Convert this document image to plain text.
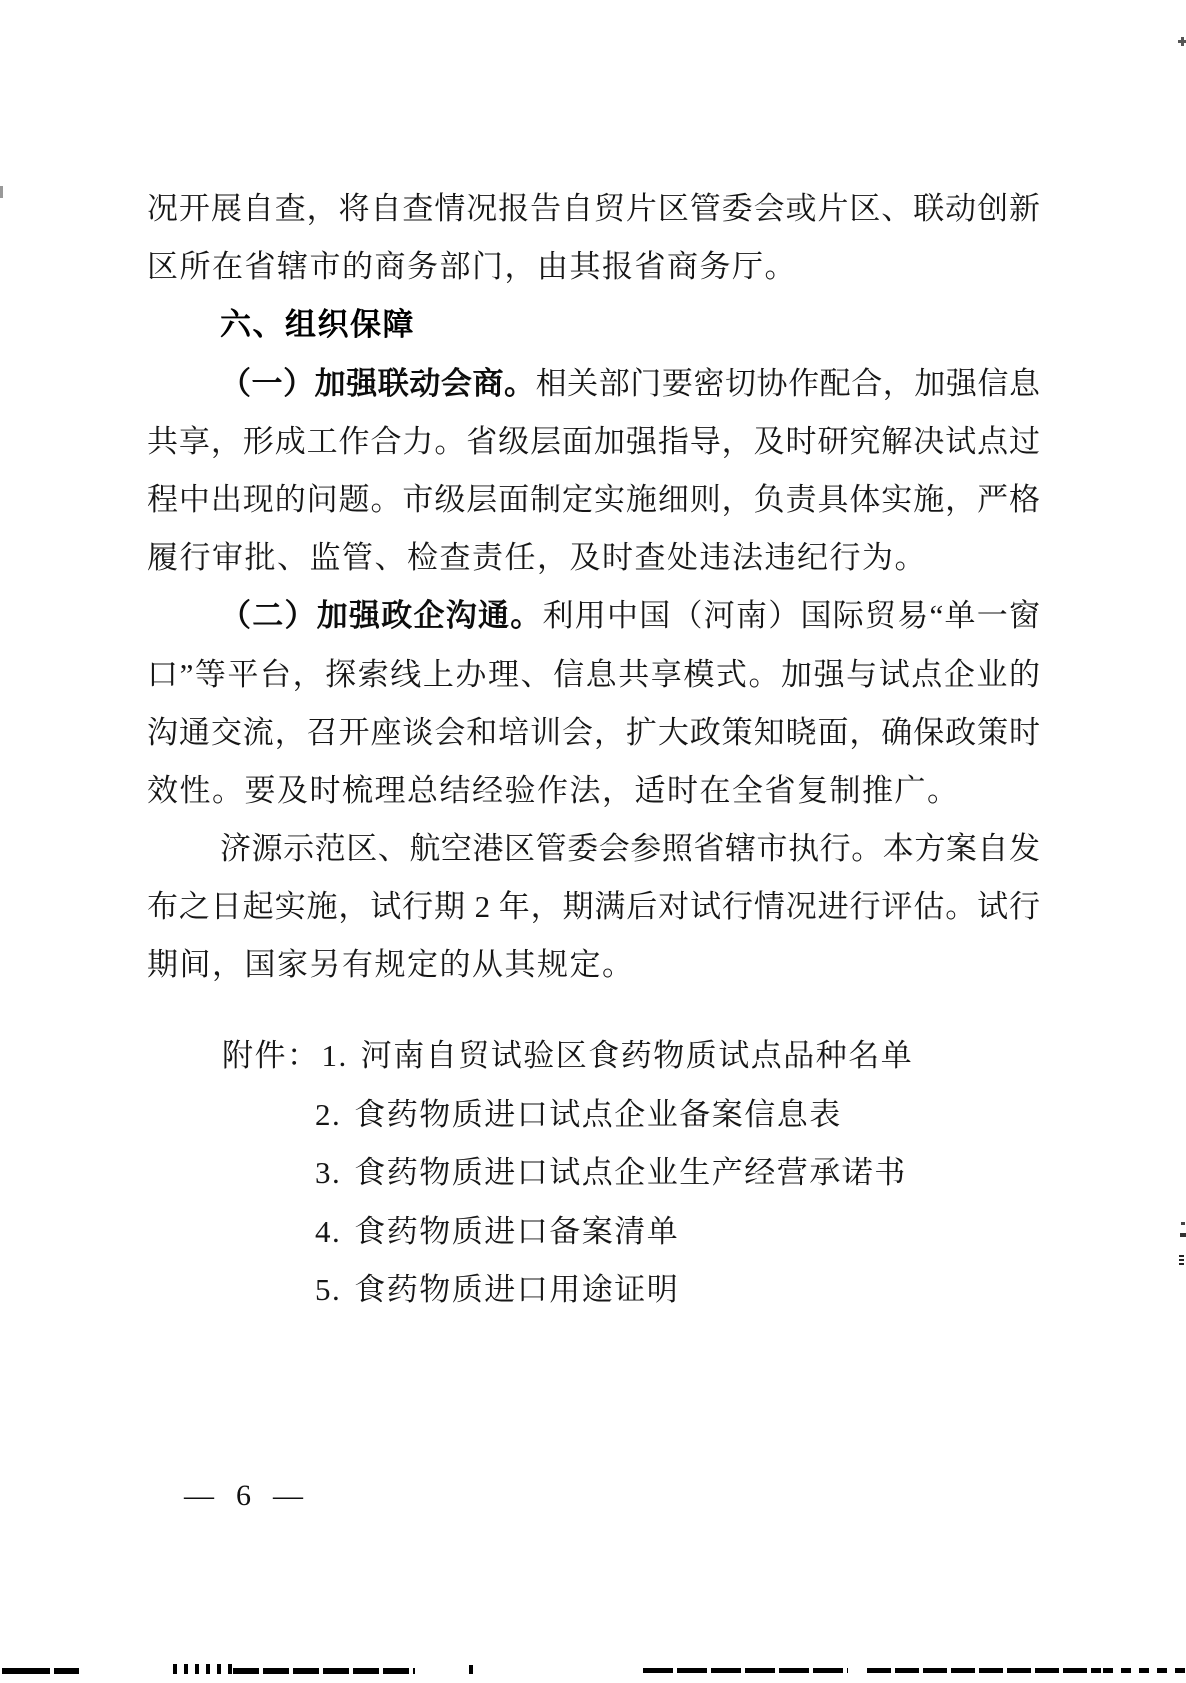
况开展自查，将自查情况报告自贸片区管委会或片区、联动创新
区所在省辖市的商务部门，由其报省商务厅。
六、组织保障
（一）加强联动会商。相关部门要密切协作配合，加强信息
共享，形成工作合力。省级层面加强指导，及时研究解决试点过
程中出现的问题。市级层面制定实施细则，负责具体实施，严格
履行审批、监管、检查责任，及时查处违法违纪行为。
（二）加强政企沟通。利用中国（河南）国际贸易“单一窗
口”等平台，探索线上办理、信息共享模式。加强与试点企业的
沟通交流，召开座谈会和培训会，扩大政策知晓面，确保政策时
效性。要及时梳理总结经验作法，适时在全省复制推广。
济源示范区、航空港区管委会参照省辖市执行。本方案自发
布之日起实施，试行期 2 年，期满后对试行情况进行评估。试行
期间，国家另有规定的从其规定。
附件：1. 河南自贸试验区食药物质试点品种名单
2. 食药物质进口试点企业备案信息表
3. 食药物质进口试点企业生产经营承诺书
4. 食药物质进口备案清单
5. 食药物质进口用途证明
— 6 —
